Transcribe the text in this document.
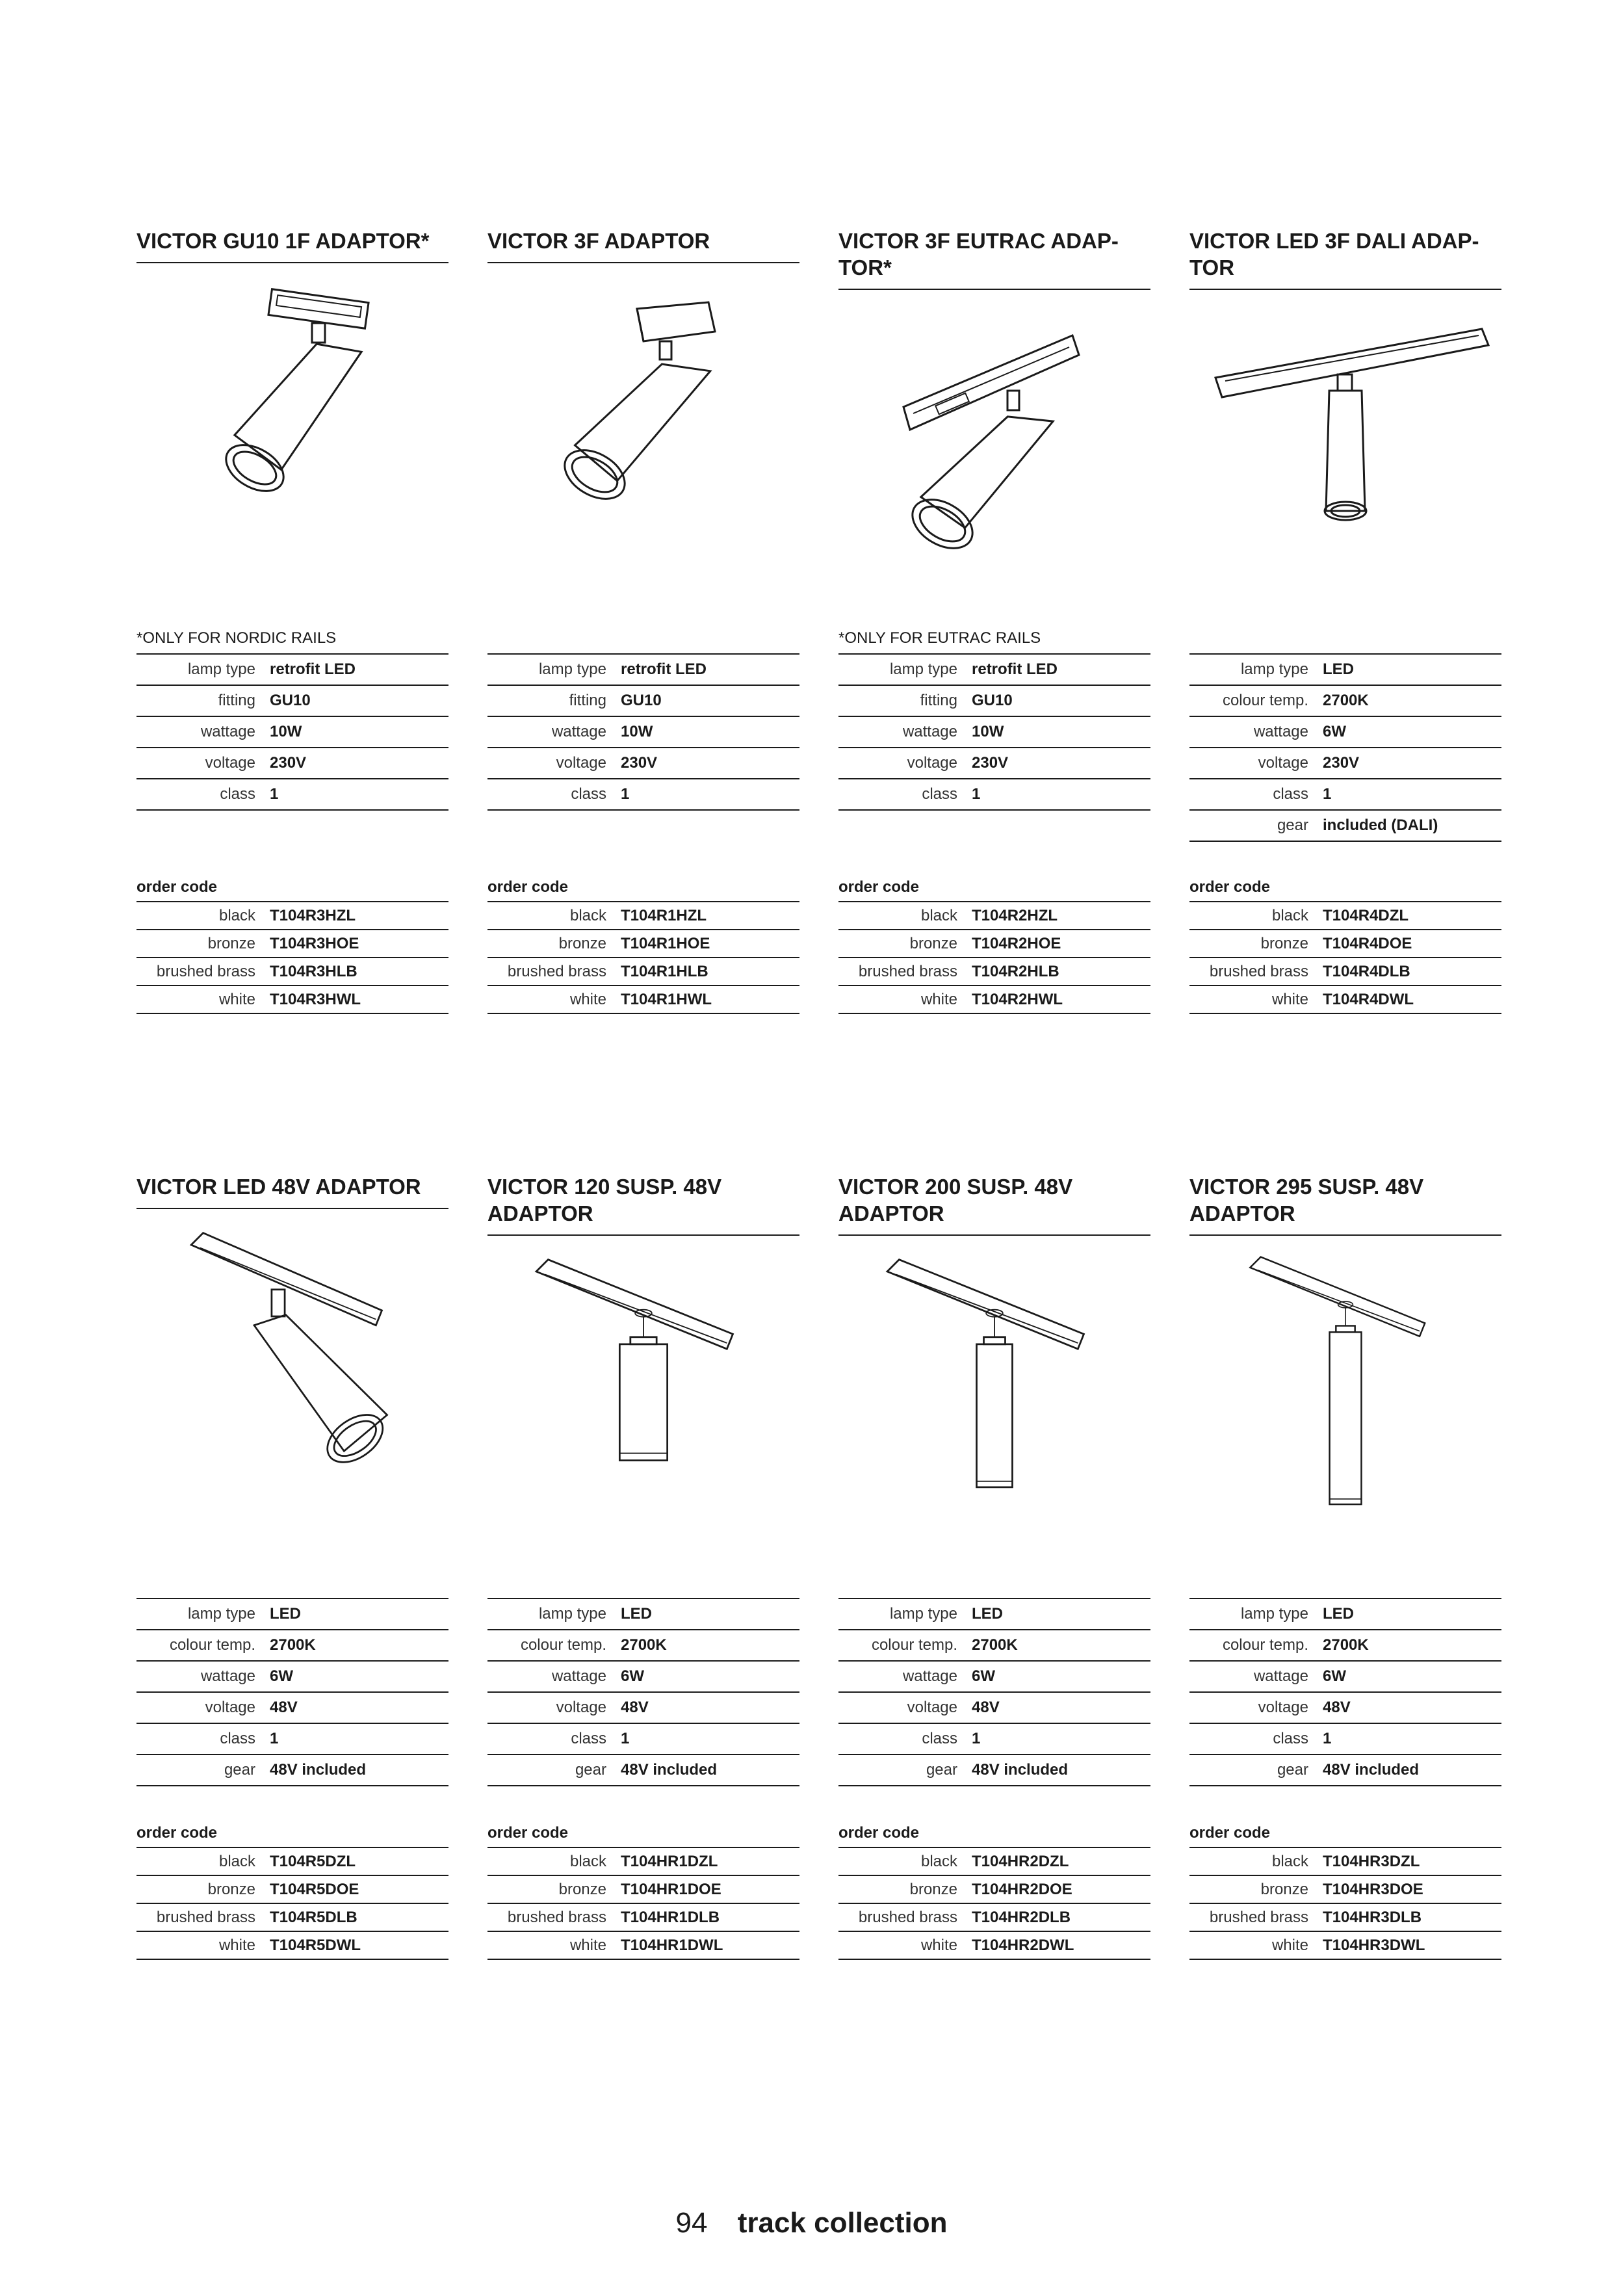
VICTOR GU10 1F ADAPTOR*
*ONLY FOR NORDIC RAILS
lamp type retrofit LED
fitting GU10
wattage 10W
voltage 230V
class 1
order code
black T104R3HZL
bronze T104R3HOE
brushed brass T104R3HLB
white T104R3HWL
VICTOR 3F ADAPTOR
lamp type retrofit LED
fitting GU10
wattage 10W
voltage 230V
class 1
order code
black T104R1HZL
bronze T104R1HOE
brushed brass T104R1HLB
white T104R1HWL
VICTOR 3F EUTRAC ADAP-
TOR*
*ONLY FOR EUTRAC RAILS
lamp type retrofit LED
fitting GU10
wattage 10W
voltage 230V
class 1
order code
black T104R2HZL
bronze T104R2HOE
brushed brass T104R2HLB
white T104R2HWL
VICTOR LED 3F DALI ADAP-
TOR
lamp type LED
colour temp. 2700K
wattage 6W
voltage 230V
class 1
gear included (DALI)
order code
black T104R4DZL
bronze T104R4DOE
brushed brass T104R4DLB
white T104R4DWL
VICTOR LED 48V ADAPTOR
lamp type LED
colour temp. 2700K
wattage 6W
voltage 48V
class 1
gear 48V included
order code
black T104R5DZL
bronze T104R5DOE
brushed brass T104R5DLB
white T104R5DWL
VICTOR 120 SUSP. 48V
ADAPTOR
lamp type LED
colour temp. 2700K
wattage 6W
voltage 48V
class 1
gear 48V included
order code
black T104HR1DZL
bronze T104HR1DOE
brushed brass T104HR1DLB
white T104HR1DWL
VICTOR 200 SUSP. 48V
ADAPTOR
lamp type LED
colour temp. 2700K
wattage 6W
voltage 48V
class 1
gear 48V included
order code
black T104HR2DZL
bronze T104HR2DOE
brushed brass T104HR2DLB
white T104HR2DWL
VICTOR 295 SUSP. 48V
ADAPTOR
lamp type LED
colour temp. 2700K
wattage 6W
voltage 48V
class 1
gear 48V included
order code
black T104HR3DZL
bronze T104HR3DOE
brushed brass T104HR3DLB
white T104HR3DWL
94 track collection
